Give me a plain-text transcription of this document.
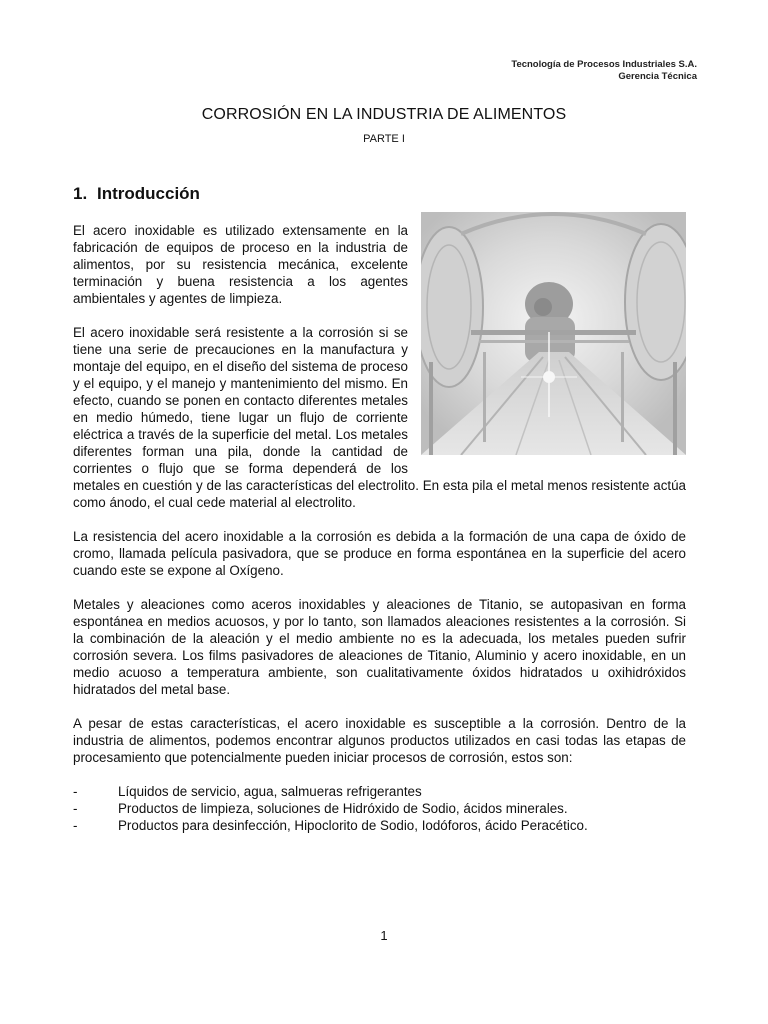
Tecnología de Procesos Industriales S.A.
Gerencia Técnica
CORROSIÓN EN LA INDUSTRIA DE ALIMENTOS
PARTE I
1. Introducción

El acero inoxidable es utilizado extensamente en la fabricación de equipos de proceso en la industria de alimentos, por su resistencia mecánica, excelente terminación y buena resistencia a los agentes ambientales y agentes de limpieza.

El acero inoxidable será resistente a la corrosión si se tiene una serie de precauciones en la manufactura y montaje del equipo, en el diseño del sistema de proceso y el equipo, y el manejo y mantenimiento del mismo. En efecto, cuando se ponen en contacto diferentes metales en medio húmedo, tiene lugar un flujo de corriente eléctrica a través de la superficie del metal. Los metales diferentes forman una pila, donde la cantidad de corrientes o flujo que se forma dependerá de los metales en cuestión y de las características del electrolito. En esta pila el metal menos resistente actúa como ánodo, el cual cede material al electrolito.

La resistencia del acero inoxidable a la corrosión es debida a la formación de una capa de óxido de cromo, llamada película pasivadora, que se produce en forma espontánea en la superficie del acero cuando este se expone al Oxígeno.

Metales y aleaciones como aceros inoxidables y aleaciones de Titanio, se autopasivan en forma espontánea en medios acuosos, y por lo tanto, son llamados aleaciones resistentes a la corrosión. Si la combinación de la aleación y el medio ambiente no es la adecuada, los metales pueden sufrir corrosión severa. Los films pasivadores de aleaciones de Titanio, Aluminio y acero inoxidable, en un medio acuoso a temperatura ambiente, son cualitativamente óxidos hidratados u oxihidróxidos hidratados del metal base.

A pesar de estas características, el acero inoxidable es susceptible a la corrosión. Dentro de la industria de alimentos, podemos encontrar algunos productos utilizados en casi todas las etapas de procesamiento que potencialmente pueden iniciar procesos de corrosión, estos son:

-	Líquidos de servicio, agua, salmueras refrigerantes
-	Productos de limpieza, soluciones de Hidróxido de Sodio, ácidos minerales.
-	Productos para desinfección, Hipoclorito de Sodio, Iodóforos, ácido Peracético.
1
